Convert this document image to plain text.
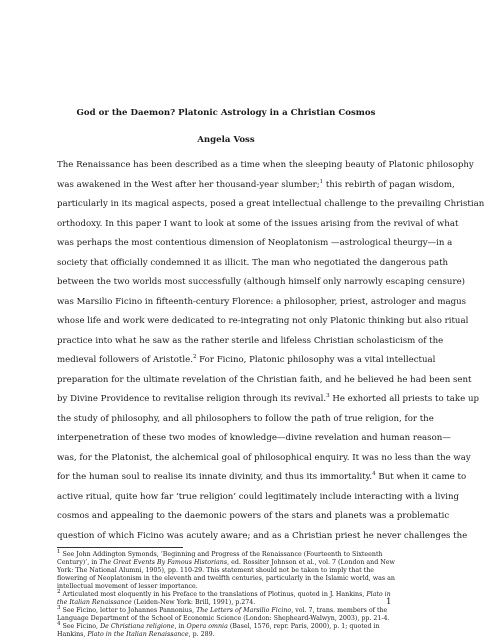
God or the Daemon? Platonic Astrology in a Christian Cosmos
Angela Voss
The Renaissance has been described as a time when the sleeping beauty of Platonic philosophy
was awakened in the West after her thousand-year slumber;$^1$ this rebirth of pagan wisdom,
particularly in its magical aspects, posed a great intellectual challenge to the prevailing Christian
orthodoxy. In this paper I want to look at some of the issues arising from the revival of what
was perhaps the most contentious dimension of Neoplatonism —astrological theurgy—in a
society that officially condemned it as illicit. The man who negotiated the dangerous path
between the two worlds most successfully (although himself only narrowly escaping censure)
was Marsilio Ficino in fifteenth-century Florence: a philosopher, priest, astrologer and magus
whose life and work were dedicated to re-integrating not only Platonic thinking but also ritual
practice into what he saw as the rather sterile and lifeless Christian scholasticism of the
medieval followers of Aristotle.$^2$ For Ficino, Platonic philosophy was a vital intellectual
preparation for the ultimate revelation of the Christian faith, and he believed he had been sent
by Divine Providence to revitalise religion through its revival.$^3$ He exhorted all priests to take up
the study of philosophy, and all philosophers to follow the path of true religion, for the
interpenetration of these two modes of knowledge—divine revelation and human reason—
was, for the Platonist, the alchemical goal of philosophical enquiry. It was no less than the way
for the human soul to realise its innate divinity, and thus its immortality.$^4$ But when it came to
active ritual, quite how far ‘true religion’ could legitimately include interacting with a living
cosmos and appealing to the daemonic powers of the stars and planets was a problematic
question of which Ficino was acutely aware; and as a Christian priest he never challenges the
$^1$ See John Addington Symonds, ‘Beginning and Progress of the Renaissance (Fourteenth to Sixteenth
Century)’, in The Great Events By Famous Historians, ed. Rossiter Johnson et al., vol. 7 (London and New
York: The National Alumni, 1905), pp. 110-29. This statement should not be taken to imply that the
flowering of Neoplatonism in the eleventh and twelfth centuries, particularly in the Islamic world, was an
intellectual movement of lesser importance.
$^2$ Articulated most eloquently in his Preface to the translations of Plotinus, quoted in J. Hankins, Plato in
the Italian Renaissance (Leiden-New York: Brill, 1991), p.274.
$^3$ See Ficino, letter to Johannes Pannonius, The Letters of Marsilio Ficino, vol. 7, trans. members of the
Language Department of the School of Economic Science (London: Shepheard-Walwyn, 2003), pp. 21-4.
$^4$ See Ficino, De Christiana religione, in Opera omnia (Basel, 1576, repr. Paris, 2000), p. 1; quoted in
Hankins, Plato in the Italian Renaissance, p. 289.
1
